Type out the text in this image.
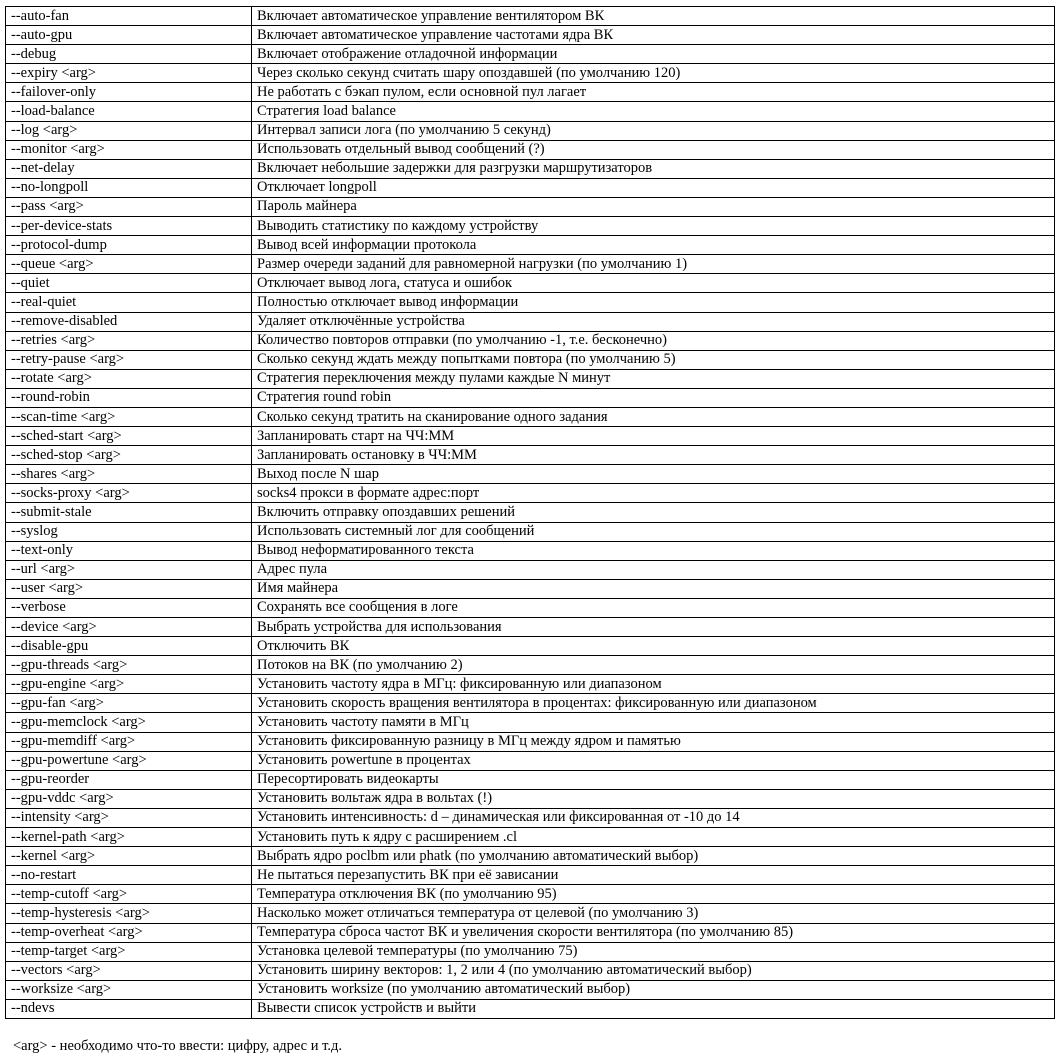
--auto-fan	Включает автоматическое управление вентилятором ВК
--auto-gpu	Включает автоматическое управление частотами ядра ВК
--debug	Включает отображение отладочной информации
--expiry <arg>	Через сколько секунд считать шару опоздавшей (по умолчанию 120)
--failover-only	Не работать с бэкап пулом, если основной пул лагает
--load-balance	Стратегия load balance
--log <arg>	Интервал записи лога (по умолчанию 5 секунд)
--monitor <arg>	Использовать отдельный вывод сообщений (?)
--net-delay	Включает небольшие задержки для разгрузки маршрутизаторов
--no-longpoll	Отключает longpoll
--pass <arg>	Пароль майнера
--per-device-stats	Выводить статистику по каждому устройству
--protocol-dump	Вывод всей информации протокола
--queue <arg>	Размер очереди заданий для равномерной нагрузки (по умолчанию 1)
--quiet	Отключает вывод лога, статуса и ошибок
--real-quiet	Полностью отключает вывод информации
--remove-disabled	Удаляет отключённые устройства
--retries <arg>	Количество повторов отправки (по умолчанию -1, т.е. бесконечно)
--retry-pause <arg>	Сколько секунд ждать между попытками повтора (по умолчанию 5)
--rotate <arg>	Стратегия переключения между пулами каждые N минут
--round-robin	Стратегия round robin
--scan-time <arg>	Сколько секунд тратить на сканирование одного задания
--sched-start <arg>	Запланировать старт на ЧЧ:ММ
--sched-stop <arg>	Запланировать остановку в ЧЧ:ММ
--shares <arg>	Выход после N шар
--socks-proxy <arg>	socks4 прокси в формате адрес:порт
--submit-stale	Включить отправку опоздавших решений
--syslog	Использовать системный лог для сообщений
--text-only	Вывод неформатированного текста
--url <arg>	Адрес пула
--user <arg>	Имя майнера
--verbose	Сохранять все сообщения в логе
--device <arg>	Выбрать устройства для использования
--disable-gpu	Отключить ВК
--gpu-threads <arg>	Потоков на ВК (по умолчанию 2)
--gpu-engine <arg>	Установить частоту ядра в МГц: фиксированную или диапазоном
--gpu-fan <arg>	Установить скорость вращения вентилятора в процентах: фиксированную или диапазоном
--gpu-memclock <arg>	Установить частоту памяти в МГц
--gpu-memdiff <arg>	Установить фиксированную разницу в МГц между ядром и памятью
--gpu-powertune <arg>	Установить powertune в процентах
--gpu-reorder	Пересортировать видеокарты
--gpu-vddc <arg>	Установить вольтаж ядра в вольтах (!)
--intensity <arg>	Установить интенсивность: d – динамическая или фиксированная от -10 до 14
--kernel-path <arg>	Установить путь к ядру с расширением .cl
--kernel <arg>	Выбрать ядро poclbm или phatk (по умолчанию автоматический выбор)
--no-restart	Не пытаться перезапустить ВК при её зависании
--temp-cutoff <arg>	Температура отключения ВК (по умолчанию 95)
--temp-hysteresis <arg>	Насколько может отличаться температура от целевой (по умолчанию 3)
--temp-overheat <arg>	Температура сброса частот ВК и увеличения скорости вентилятора (по умолчанию 85)
--temp-target <arg>	Установка целевой температуры (по умолчанию 75)
--vectors <arg>	Установить ширину векторов: 1, 2 или 4 (по умолчанию автоматический выбор)
--worksize <arg>	Установить worksize (по умолчанию автоматический выбор)
--ndevs	Вывести список устройств и выйти
<arg> - необходимо что-то ввести: цифру, адрес и т.д.
